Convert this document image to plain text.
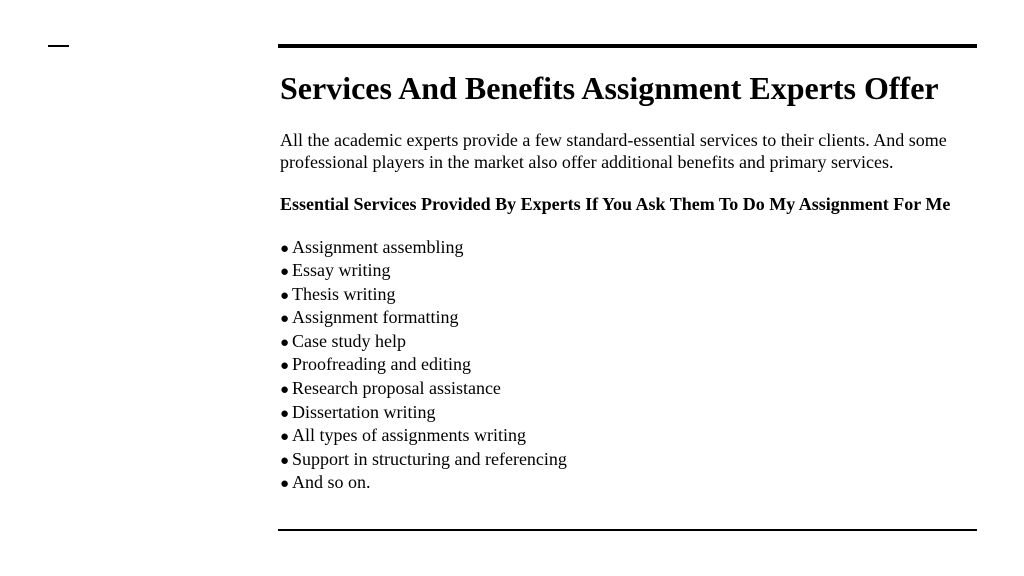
Services And Benefits Assignment Experts Offer

All the academic experts provide a few standard-essential services to their clients. And some professional players in the market also offer additional benefits and primary services.

Essential Services Provided By Experts If You Ask Them To Do My Assignment For Me

● Assignment assembling
● Essay writing
● Thesis writing
● Assignment formatting
● Case study help
● Proofreading and editing
● Research proposal assistance
● Dissertation writing
● All types of assignments writing
● Support in structuring and referencing
● And so on.
